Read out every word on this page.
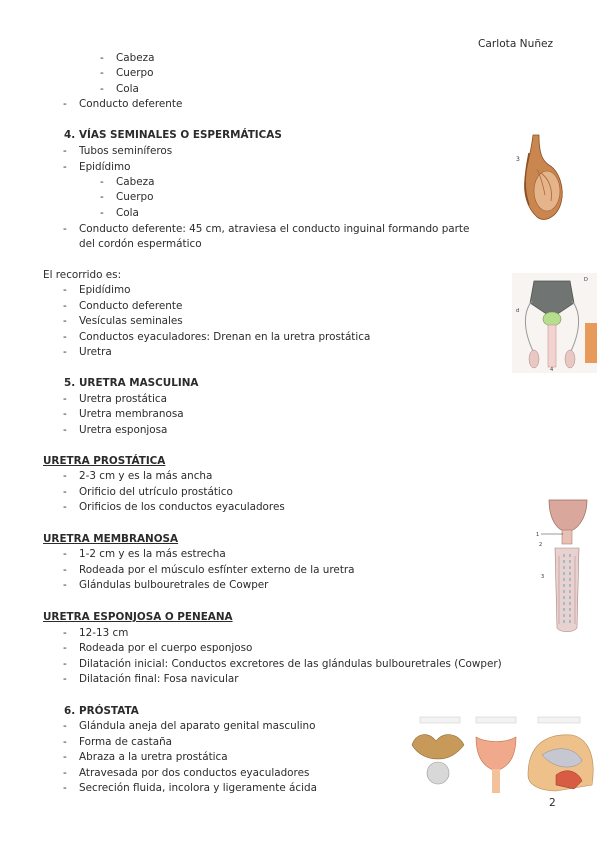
Carlota Nuñez
- Cabeza
- Cuerpo
- Cola
- Conducto deferente
4. VÍAS SEMINALES O ESPERMÁTICAS
- Tubos seminíferos
- Epidídimo
- Cabeza
- Cuerpo
- Cola
- Conducto deferente: 45 cm, atraviesa el conducto inguinal formando parte
del cordón espermático
El recorrido es:
- Epidídimo
- Conducto deferente
- Vesículas seminales
- Conductos eyaculadores: Drenan en la uretra prostática
- Uretra
5. URETRA MASCULINA
- Uretra prostática
- Uretra membranosa
- Uretra esponjosa
URETRA PROSTÁTICA
- 2-3 cm y es la más ancha
- Orificio del utrículo prostático
- Orificios de los conductos eyaculadores
URETRA MEMBRANOSA
- 1-2 cm y es la más estrecha
- Rodeada por el músculo esfínter externo de la uretra
- Glándulas bulbouretrales de Cowper
URETRA ESPONJOSA O PENEANA
- 12-13 cm
- Rodeada por el cuerpo esponjoso
- Dilatación inicial: Conductos excretores de las glándulas bulbouretrales (Cowper)
- Dilatación final: Fosa navicular
6. PRÓSTATA
- Glándula aneja del aparato genital masculino
- Forma de castaña
- Abraza a la uretra prostática
- Atravesada por dos conductos eyaculadores
- Secreción fluida, incolora y ligeramente ácida
3
D
d
4
1
2
3
2
